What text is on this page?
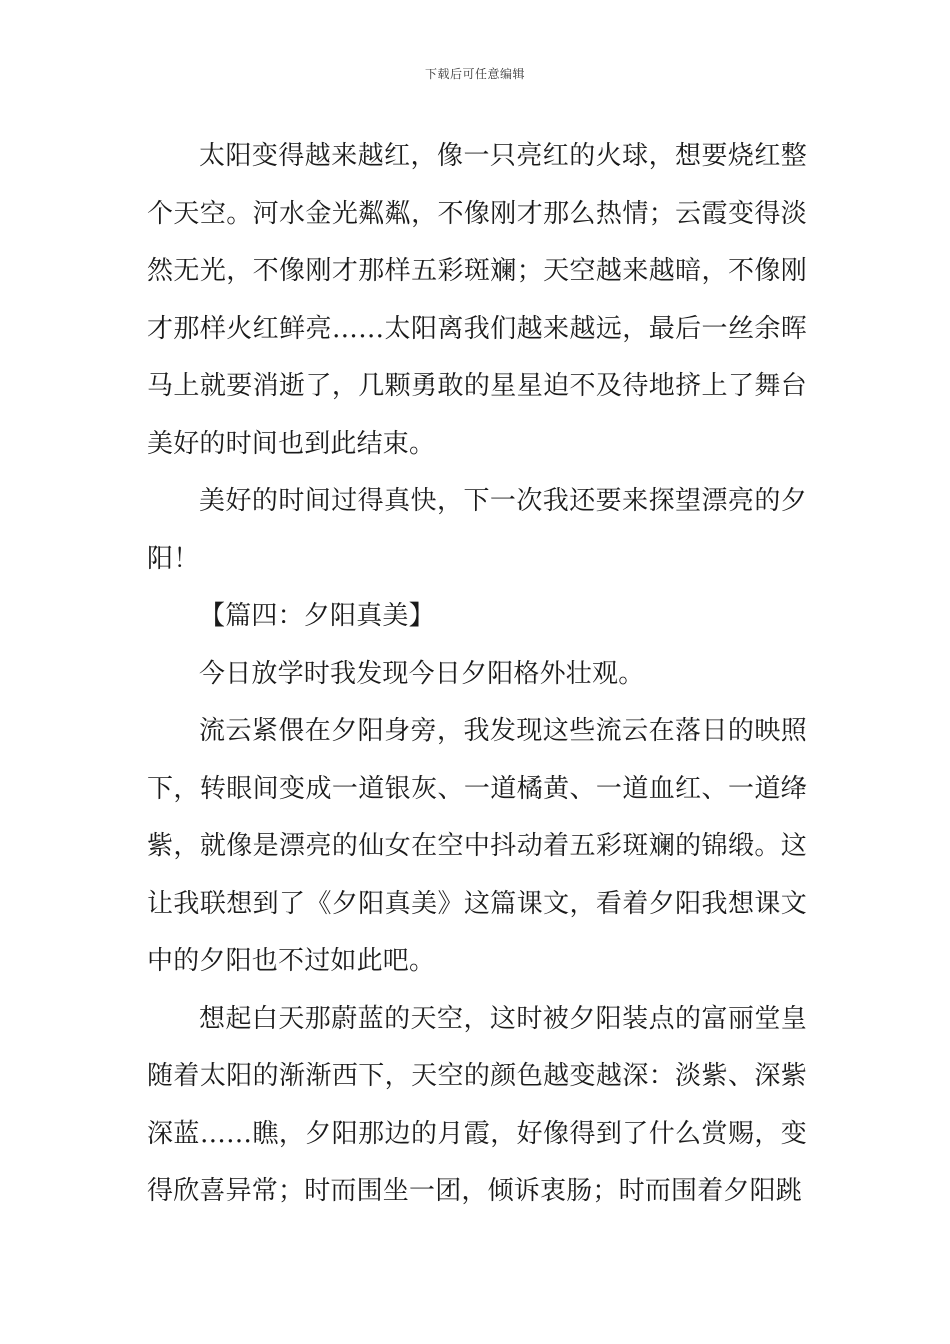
下载后可任意编辑

太阳变得越来越红，像一只亮红的火球，想要烧红整个天空。河水金光粼粼，不像刚才那么热情；云霞变得淡然无光，不像刚才那样五彩斑斓；天空越来越暗，不像刚才那样火红鲜亮……太阳离我们越来越远，最后一丝余晖马上就要消逝了，几颗勇敢的星星迫不及待地挤上了舞台美好的时间也到此结束。

美好的时间过得真快，下一次我还要来探望漂亮的夕阳！

【篇四：夕阳真美】

今日放学时我发现今日夕阳格外壮观。

流云紧偎在夕阳身旁，我发现这些流云在落日的映照下，转眼间变成一道银灰、一道橘黄、一道血红、一道绛紫，就像是漂亮的仙女在空中抖动着五彩斑斓的锦缎。这让我联想到了《夕阳真美》这篇课文，看着夕阳我想课文中的夕阳也不过如此吧。

想起白天那蔚蓝的天空，这时被夕阳装点的富丽堂皇随着太阳的渐渐西下，天空的颜色越变越深：淡紫、深紫深蓝……瞧，夕阳那边的月霞，好像得到了什么赏赐，变得欣喜异常；时而围坐一团，倾诉衷肠；时而围着夕阳跳
